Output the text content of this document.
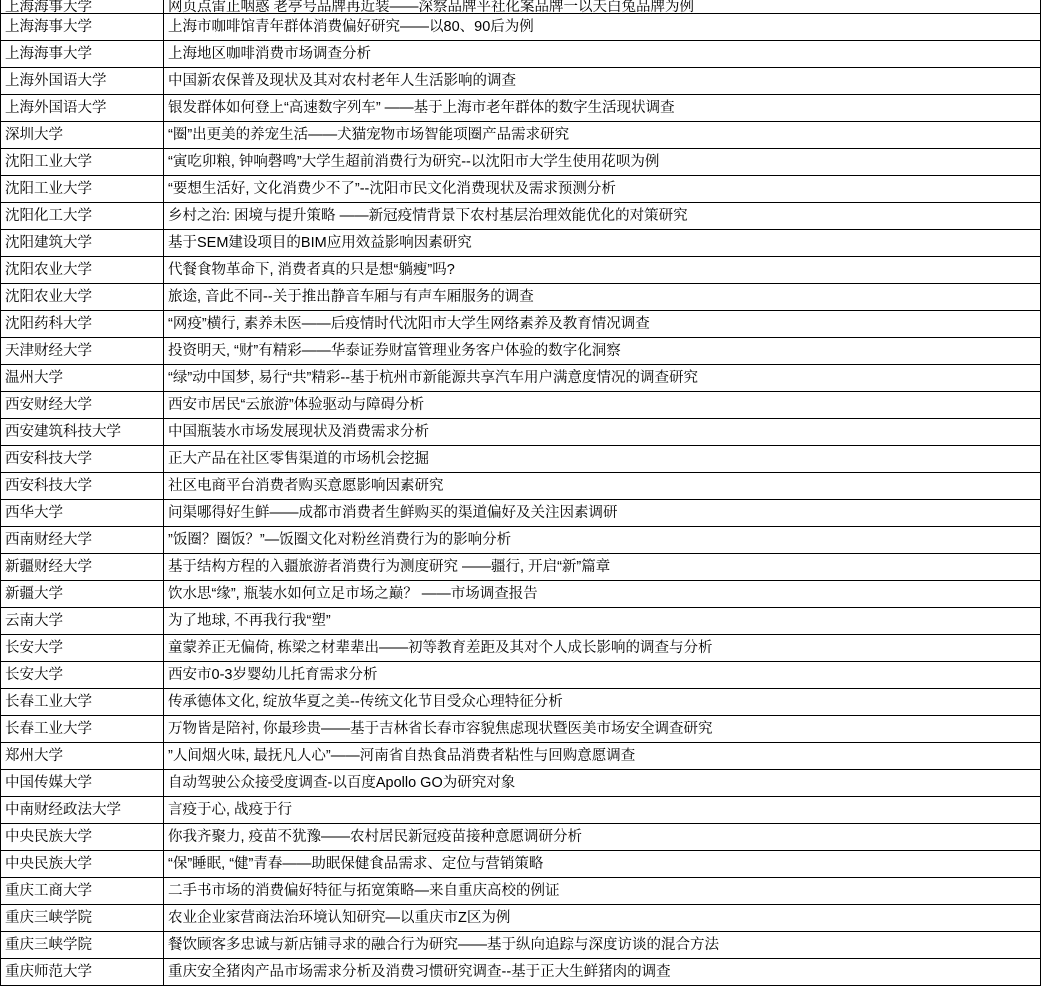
上海海事大学	网页点雷止咽惑 老亭号品牌再近装——深察品牌平社化案品牌一以天白兔品牌为例

上海海事大学	上海市咖啡馆青年群体消费偏好研究——以80、90后为例
上海海事大学	上海地区咖啡消费市场调查分析
上海外国语大学	中国新农保普及现状及其对农村老年人生活影响的调查
上海外国语大学	银发群体如何登上“高速数字列车” ——基于上海市老年群体的数字生活现状调查
深圳大学	“圈”出更美的养宠生活——犬猫宠物市场智能项圈产品需求研究
沈阳工业大学	“寅吃卯粮, 钟响磬鸣”大学生超前消费行为研究--以沈阳市大学生使用花呗为例
沈阳工业大学	“要想生活好, 文化消费少不了”--沈阳市民文化消费现状及需求预测分析
沈阳化工大学	乡村之治: 困境与提升策略 ——新冠疫情背景下农村基层治理效能优化的对策研究
沈阳建筑大学	基于SEM建设项目的BIM应用效益影响因素研究
沈阳农业大学	代餐食物革命下, 消费者真的只是想“躺瘦”吗?
沈阳农业大学	旅途, 音此不同--关于推出静音车厢与有声车厢服务的调查
沈阳药科大学	“网疫”横行, 素养未医——后疫情时代沈阳市大学生网络素养及教育情况调查
天津财经大学	投资明天, “财”有精彩——华泰证券财富管理业务客户体验的数字化洞察
温州大学	“绿”动中国梦, 易行“共”精彩--基于杭州市新能源共享汽车用户满意度情况的调查研究
西安财经大学	西安市居民“云旅游”体验驱动与障碍分析
西安建筑科技大学	中国瓶装水市场发展现状及消费需求分析
西安科技大学	正大产品在社区零售渠道的市场机会挖掘
西安科技大学	社区电商平台消费者购买意愿影响因素研究
西华大学	问渠哪得好生鲜——成都市消费者生鲜购买的渠道偏好及关注因素调研
西南财经大学	”饭圈？圈饭？”—饭圈文化对粉丝消费行为的影响分析
新疆财经大学	基于结构方程的入疆旅游者消费行为测度研究 ——疆行, 开启“新”篇章
新疆大学	饮水思“缘”, 瓶装水如何立足市场之巅？ ——市场调查报告
云南大学	为了地球, 不再我行我“塑”
长安大学	童蒙养正无偏倚, 栋梁之材辈辈出——初等教育差距及其对个人成长影响的调查与分析
长安大学	西安市0-3岁婴幼儿托育需求分析
长春工业大学	传承德体文化, 绽放华夏之美--传统文化节目受众心理特征分析
长春工业大学	万物皆是陪衬, 你最珍贵——基于吉林省长春市容貌焦虑现状暨医美市场安全调查研究
郑州大学	”人间烟火味, 最抚凡人心”——河南省自热食品消费者粘性与回购意愿调查
中国传媒大学	自动驾驶公众接受度调查-以百度Apollo GO为研究对象
中南财经政法大学	言疫于心, 战疫于行
中央民族大学	你我齐聚力, 疫苗不犹豫——农村居民新冠疫苗接种意愿调研分析
中央民族大学	“保”睡眠, “健”青春——助眠保健食品需求、定位与营销策略
重庆工商大学	二手书市场的消费偏好特征与拓宽策略—来自重庆高校的例证
重庆三峡学院	农业企业家营商法治环境认知研究—以重庆市Z区为例
重庆三峡学院	餐饮顾客多忠诚与新店铺寻求的融合行为研究——基于纵向追踪与深度访谈的混合方法
重庆师范大学	重庆安全猪肉产品市场需求分析及消费习惯研究调查--基于正大生鲜猪肉的调查
